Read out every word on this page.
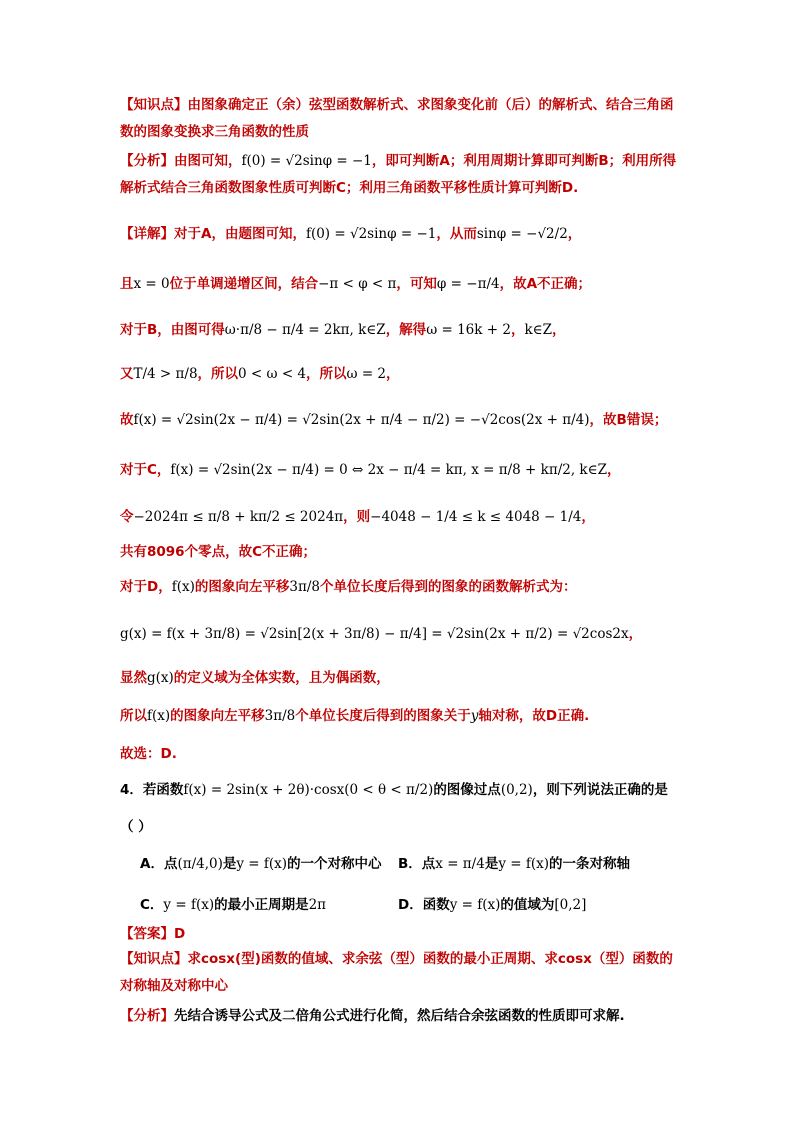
【知识点】由图象确定正（余）弦型函数解析式、求图象变化前（后）的解析式、结合三角函数的图象变换求三角函数的性质
【分析】由图可知，f(0) = √2sinφ = −1，即可判断A；利用周期计算即可判断B；利用所得解析式结合三角函数图象性质可判断C；利用三角函数平移性质计算可判断D.
【详解】对于A，由题图可知，f(0) = √2sinφ = −1，从而sinφ = −√2/2，
且x = 0位于单调递增区间，结合−π < φ < π，可知φ = −π/4，故A不正确；
对于B，由图可得ω·π/8 − π/4 = 2kπ, k∈Z，解得ω = 16k + 2，k∈Z，
又T/4 > π/8，所以0 < ω < 4，所以ω = 2，
故f(x) = √2sin(2x − π/4) = √2sin(2x + π/4 − π/2) = −√2cos(2x + π/4)，故B错误；
对于C，f(x) = √2sin(2x − π/4) = 0 ⇔ 2x − π/4 = kπ, x = π/8 + kπ/2, k∈Z，
令−2024π ≤ π/8 + kπ/2 ≤ 2024π，则−4048 − 1/4 ≤ k ≤ 4048 − 1/4，
共有8096个零点，故C不正确；
对于D，f(x)的图象向左平移3π/8个单位长度后得到的图象的函数解析式为：
g(x) = f(x + 3π/8) = √2sin[2(x + 3π/8) − π/4] = √2sin(2x + π/2) = √2cos2x，
显然g(x)的定义域为全体实数，且为偶函数，
所以f(x)的图象向左平移3π/8个单位长度后得到的图象关于y轴对称，故D正确.
故选：D.
4．若函数f(x) = 2sin(x + 2θ)·cosx(0 < θ < π/2)的图像过点(0,2)，则下列说法正确的是
（ ）
A．点(π/4,0)是y = f(x)的一个对称中心 B．点x = π/4是y = f(x)的一条对称轴
C．y = f(x)的最小正周期是2π	D．函数y = f(x)的值域为[0,2]
【答案】D
【知识点】求cosx(型)函数的值域、求余弦（型）函数的最小正周期、求cosx（型）函数的对称轴及对称中心
【分析】先结合诱导公式及二倍角公式进行化简，然后结合余弦函数的性质即可求解.
